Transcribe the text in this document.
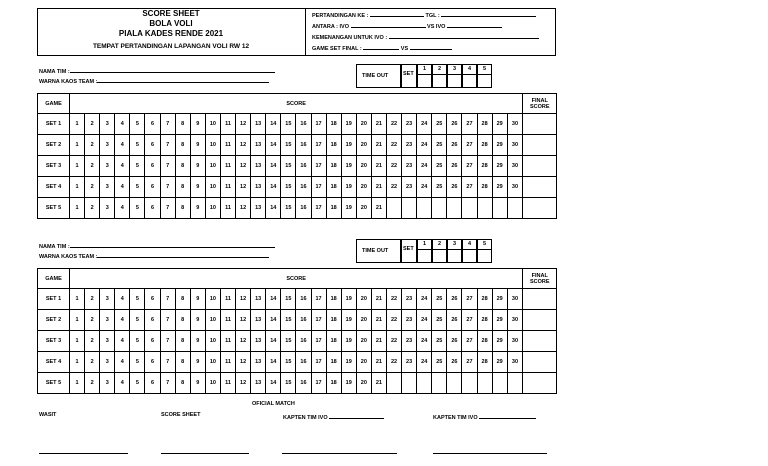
SCORE SHEET
BOLA VOLI
PIALA KADES RENDE 2021
TEMPAT PERTANDINGAN LAPANGAN VOLI RW 12
PERTANDINGAN KE :	TGL :
ANTARA : IVO	VS IVO
KEMENANGAN UNTUK IVO :
GAME SET FINAL :	VS
NAMA TIM :
WARNA KAOS TEAM :
TIME OUT	SET
1	2	3	4	5
GAME	SCORE																														FINAL SCORE
SET 1	1	2	3	4	5	6	7	8	9	10	11	12	13	14	15	16	17	18	19	20	21	22	23	24	25	26	27	28	29	30	
SET 2	1	2	3	4	5	6	7	8	9	10	11	12	13	14	15	16	17	18	19	20	21	22	23	24	25	26	27	28	29	30	
SET 3	1	2	3	4	5	6	7	8	9	10	11	12	13	14	15	16	17	18	19	20	21	22	23	24	25	26	27	28	29	30	
SET 4	1	2	3	4	5	6	7	8	9	10	11	12	13	14	15	16	17	18	19	20	21	22	23	24	25	26	27	28	29	30	
SET 5	1	2	3	4	5	6	7	8	9	10	11	12	13	14	15	16	17	18	19	20	21										
NAMA TIM :
WARNA KAOS TEAM :
TIME OUT	SET
1	2	3	4	5
GAME	SCORE																														FINAL SCORE
SET 1	1	2	3	4	5	6	7	8	9	10	11	12	13	14	15	16	17	18	19	20	21	22	23	24	25	26	27	28	29	30	
SET 2	1	2	3	4	5	6	7	8	9	10	11	12	13	14	15	16	17	18	19	20	21	22	23	24	25	26	27	28	29	30	
SET 3	1	2	3	4	5	6	7	8	9	10	11	12	13	14	15	16	17	18	19	20	21	22	23	24	25	26	27	28	29	30	
SET 4	1	2	3	4	5	6	7	8	9	10	11	12	13	14	15	16	17	18	19	20	21	22	23	24	25	26	27	28	29	30	
SET 5	1	2	3	4	5	6	7	8	9	10	11	12	13	14	15	16	17	18	19	20	21										
OFICIAL MATCH
WASIT	SCORE SHEET	KAPTEN TIM IVO	KAPTEN TIM IVO
